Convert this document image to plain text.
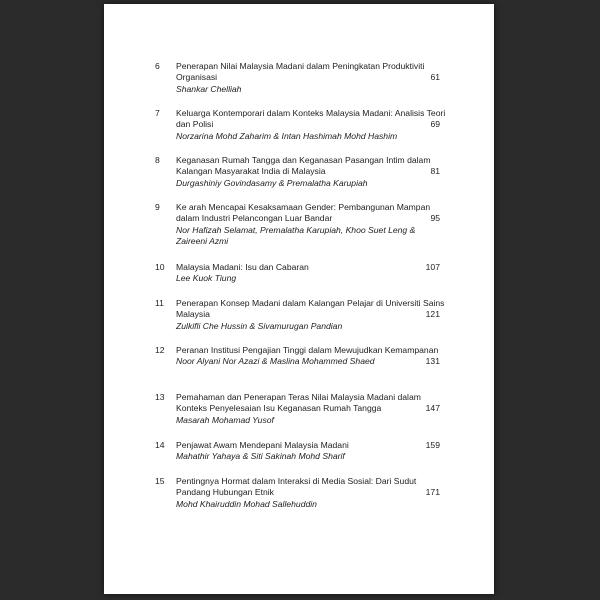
6 Penerapan Nilai Malaysia Madani dalam Peningkatan Produktiviti Organisasi
Shankar Chelliah
61
7 Keluarga Kontemporari dalam Konteks Malaysia Madani: Analisis Teori dan Polisi
Norzarina Mohd Zaharim & Intan Hashimah Mohd Hashim
69
8 Keganasan Rumah Tangga dan Keganasan Pasangan Intim dalam Kalangan Masyarakat India di Malaysia
Durgashiniy Govindasamy & Premalatha Karupiah
81
9 Ke arah Mencapai Kesaksamaan Gender: Pembangunan Mampan dalam Industri Pelancongan Luar Bandar
Nor Hafizah Selamat, Premalatha Karupiah, Khoo Suet Leng & Zaireeni Azmi
95
10 Malaysia Madani: Isu dan Cabaran
Lee Kuok Tiung
107
11 Penerapan Konsep Madani dalam Kalangan Pelajar di Universiti Sains Malaysia
Zulkifli Che Hussin & Sivamurugan Pandian
121
12 Peranan Institusi Pengajian Tinggi dalam Mewujudkan Kemampanan
Noor Alyani Nor Azazi & Maslina Mohammed Shaed	131
13 Pemahaman dan Penerapan Teras Nilai Malaysia Madani dalam Konteks Penyelesaian Isu Keganasan Rumah Tangga
Masarah Mohamad Yusof
147
14 Penjawat Awam Mendepani Malaysia Madani
Mahathir Yahaya & Siti Sakinah Mohd Sharif
159
15 Pentingnya Hormat dalam Interaksi di Media Sosial: Dari Sudut Pandang Hubungan Etnik
Mohd Khairuddin Mohad Sallehuddin
171
